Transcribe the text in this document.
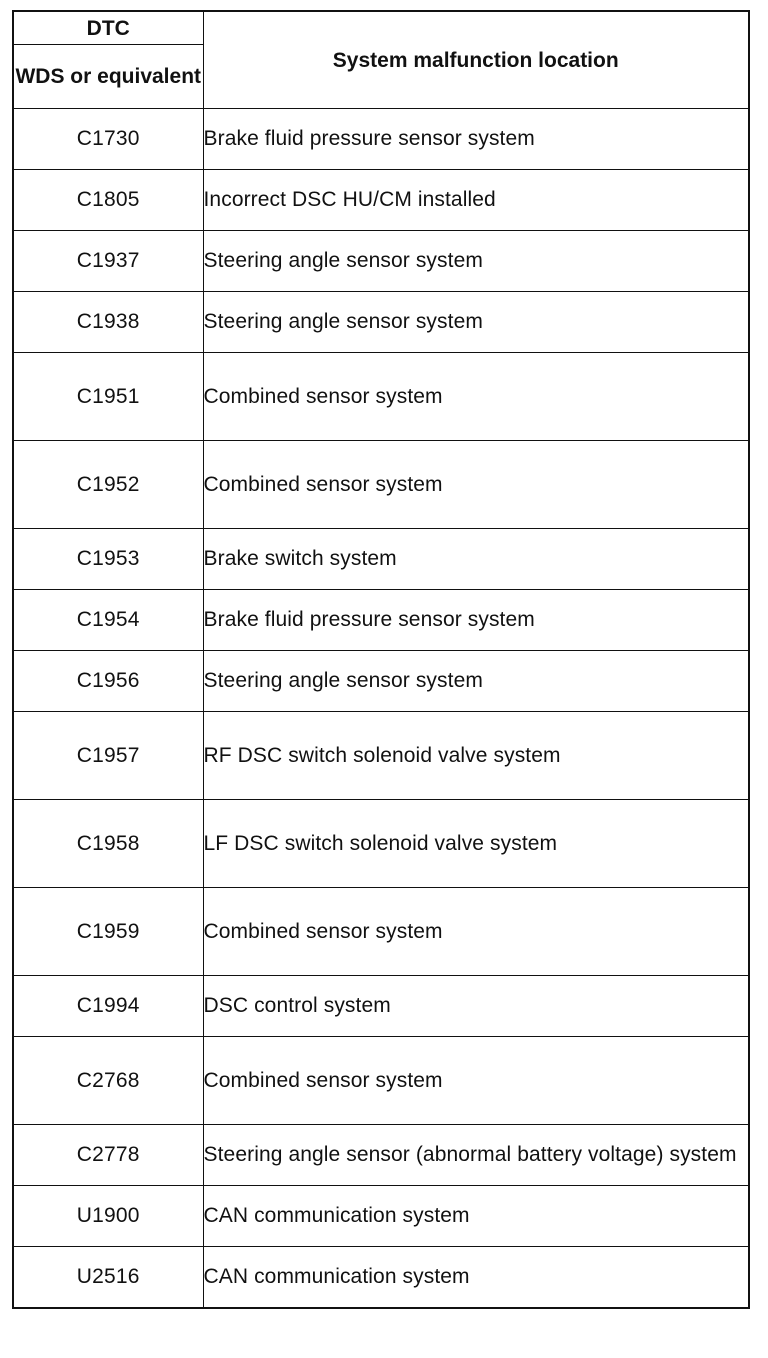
DTC	System malfunction location
WDS or equivalent	
C1730	Brake fluid pressure sensor system
C1805	Incorrect DSC HU/CM installed
C1937	Steering angle sensor system
C1938	Steering angle sensor system
C1951	Combined sensor system
C1952	Combined sensor system
C1953	Brake switch system
C1954	Brake fluid pressure sensor system
C1956	Steering angle sensor system
C1957	RF DSC switch solenoid valve system
C1958	LF DSC switch solenoid valve system
C1959	Combined sensor system
C1994	DSC control system
C2768	Combined sensor system
C2778	Steering angle sensor (abnormal battery voltage) system
U1900	CAN communication system
U2516	CAN communication system
